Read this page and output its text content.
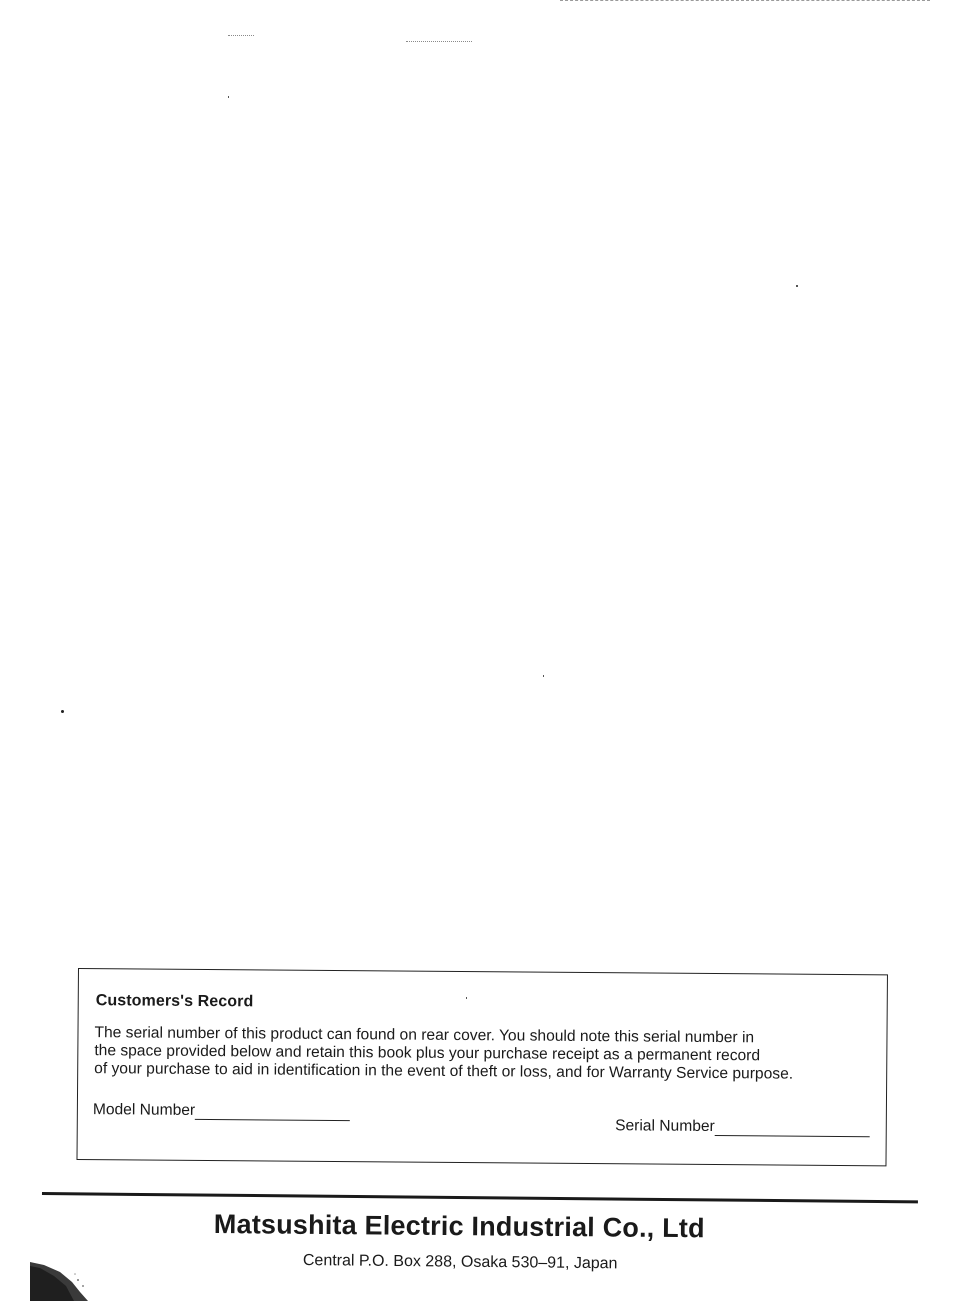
Customers's Record

The serial number of this product can found on rear cover. You should note this serial number in
the space provided below and retain this book plus your purchase receipt as a permanent record
of your purchase to aid in identification in the event of theft or loss, and for Warranty Service purpose.

Model Number
Serial Number
Matsushita Electric Industrial Co., Ltd
Central P.O. Box 288, Osaka 530–91, Japan
